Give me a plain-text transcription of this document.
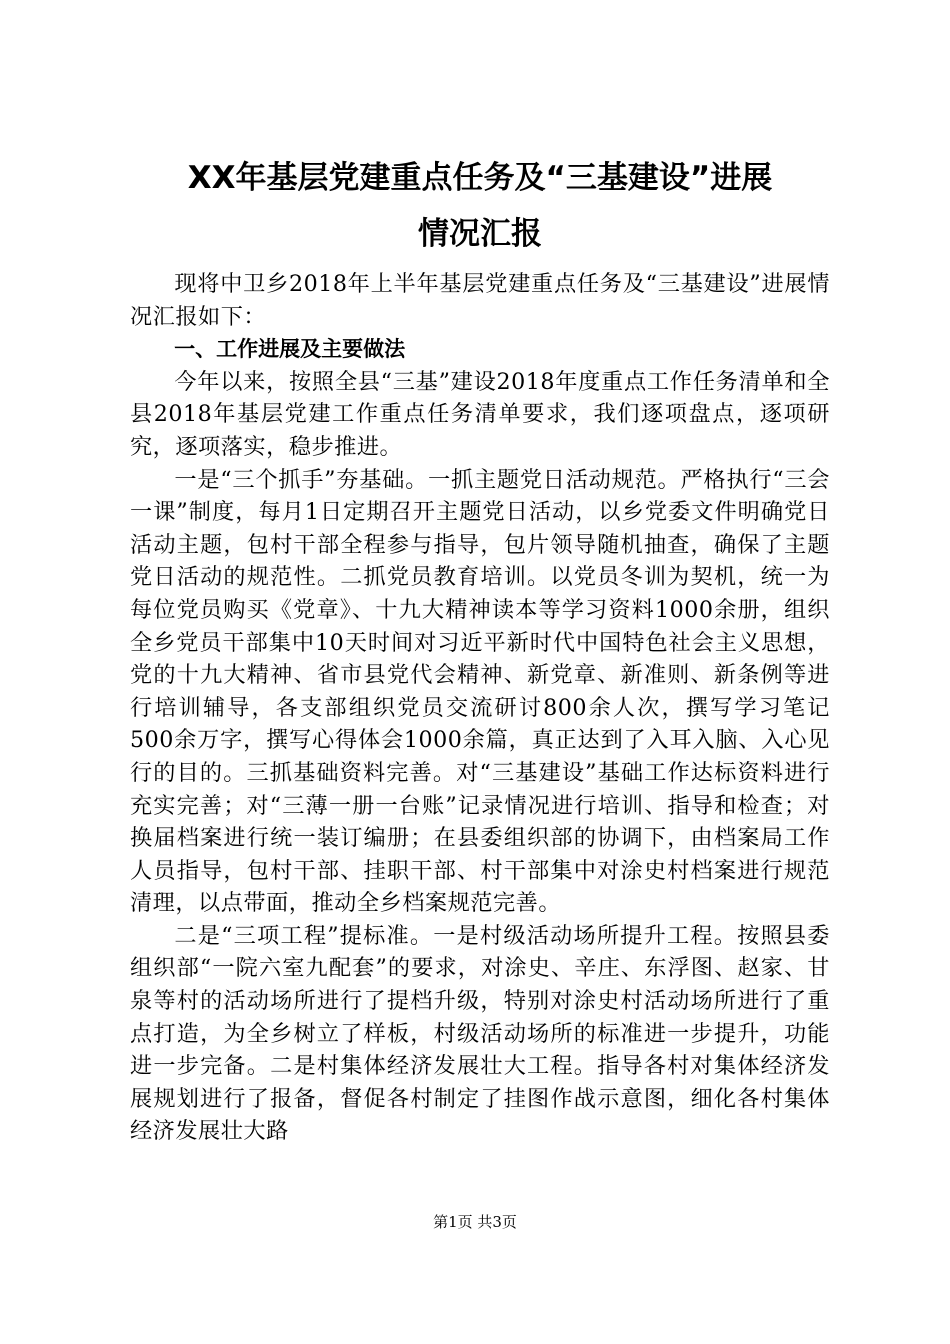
XX年基层党建重点任务及“三基建设”进展
情况汇报

现将中卫乡2018年上半年基层党建重点任务及“三基建设”进展情况汇报如下：

一、工作进展及主要做法

今年以来，按照全县“三基”建设2018年度重点工作任务清单和全县2018年基层党建工作重点任务清单要求，我们逐项盘点，逐项研究，逐项落实，稳步推进。

一是“三个抓手”夯基础。一抓主题党日活动规范。严格执行“三会一课”制度，每月1日定期召开主题党日活动，以乡党委文件明确党日活动主题，包村干部全程参与指导，包片领导随机抽查，确保了主题党日活动的规范性。二抓党员教育培训。以党员冬训为契机，统一为每位党员购买《党章》、十九大精神读本等学习资料1000余册，组织全乡党员干部集中10天时间对习近平新时代中国特色社会主义思想，党的十九大精神、省市县党代会精神、新党章、新准则、新条例等进行培训辅导，各支部组织党员交流研讨800余人次，撰写学习笔记500余万字，撰写心得体会1000余篇，真正达到了入耳入脑、入心见行的目的。三抓基础资料完善。对“三基建设”基础工作达标资料进行充实完善；对“三薄一册一台账”记录情况进行培训、指导和检查；对换届档案进行统一装订编册；在县委组织部的协调下，由档案局工作人员指导，包村干部、挂职干部、村干部集中对涂史村档案进行规范清理，以点带面，推动全乡档案规范完善。

二是“三项工程”提标准。一是村级活动场所提升工程。按照县委组织部“一院六室九配套”的要求，对涂史、辛庄、东浮图、赵家、甘泉等村的活动场所进行了提档升级，特别对涂史村活动场所进行了重点打造，为全乡树立了样板，村级活动场所的标准进一步提升，功能进一步完备。二是村集体经济发展壮大工程。指导各村对集体经济发展规划进行了报备，督促各村制定了挂图作战示意图，细化各村集体经济发展壮大路

第1页 共3页
